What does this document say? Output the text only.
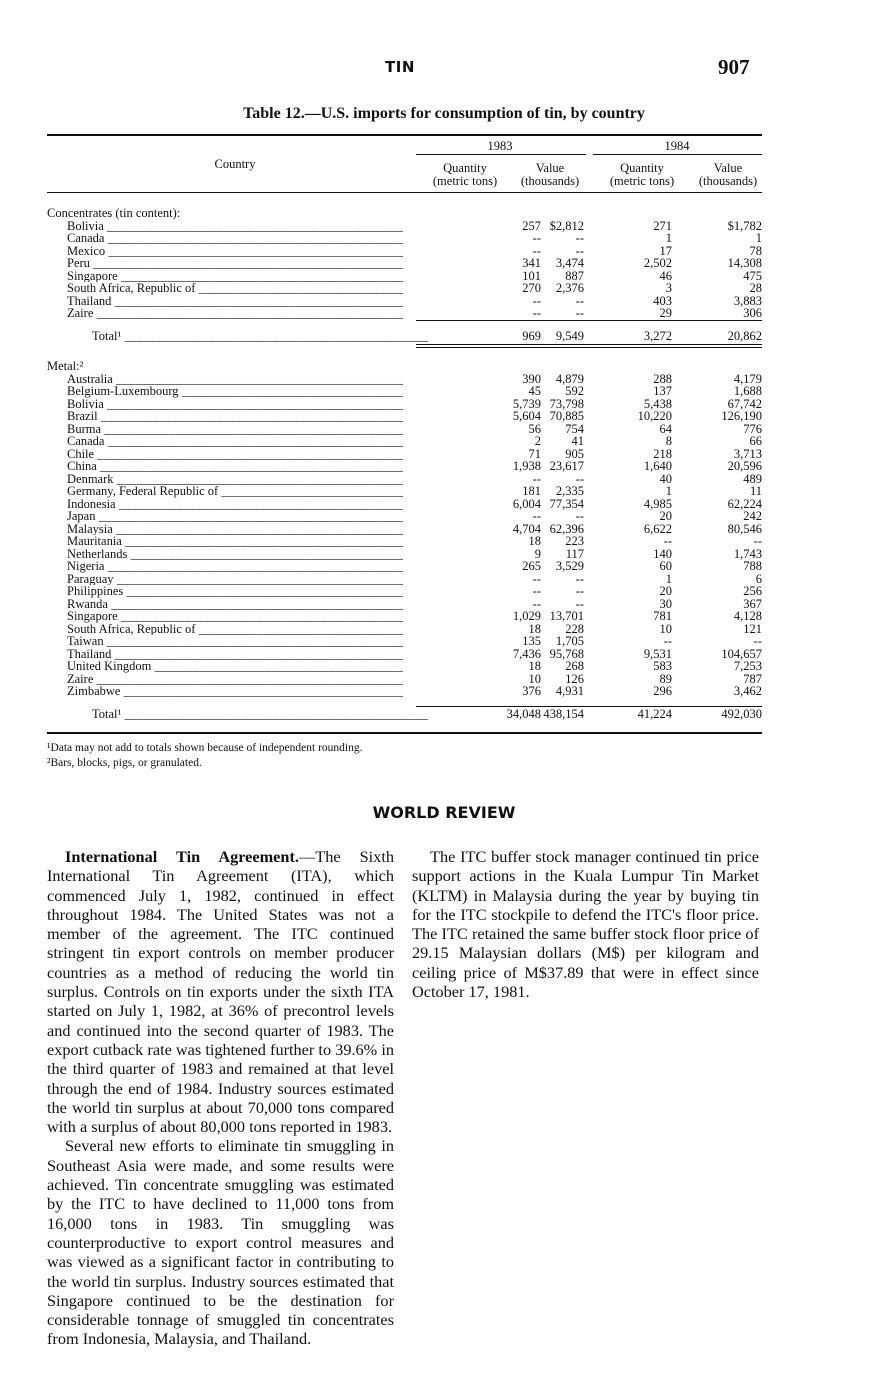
TIN	907
Table 12.—U.S. imports for consumption of tin, by country
Country
1983	1984
Quantity
(metric tons)
Value
(thousands)
Quantity
(metric tons)
Value
(thousands)
Concentrates (tin content):
Bolivia _____	257 $2,812	271	$1,782
Canada _____	--	--	1	1
Mexico _____	--	--	17	78
Peru _____	341 3,474	2,502	14,308
Singapore _____	101 887	46	475
South Africa, Republic of _____	270 2,376	3	28
Thailand _____	--	--	403	3,883
Zaire _____	--	--	29	306
Total¹ _____	969 9,549	3,272	20,862
Metal:²
Australia _____	390 4,879	288	4,179
Belgium-Luxembourg _____	45 592	137	1,688
Bolivia _____	5,739 73,798	5,438	67,742
Brazil _____	5,604 70,885	10,220	126,190
Burma _____	56 754	64	776
Canada _____	2 41	8	66
Chile _____	71 905	218	3,713
China _____	1,938 23,617	1,640	20,596
Denmark _____	--	--	40	489
Germany, Federal Republic of _____	181 2,335	1	11
Indonesia _____	6,004 77,354	4,985	62,224
Japan _____	--	--	20	242
Malaysia _____	4,704 62,396	6,622	80,546
Mauritania _____	18 223	--	--
Netherlands _____	9 117	140	1,743
Nigeria _____	265 3,529	60	788
Paraguay _____	--	--	1	6
Philippines _____	--	--	20	256
Rwanda _____	--	--	30	367
Singapore _____	1,029 13,701	781	4,128
South Africa, Republic of _____	18 228	10	121
Taiwan _____	135 1,705	--	--
Thailand _____	7,436 95,768	9,531	104,657
United Kingdom _____	18 268	583	7,253
Zaire _____	10 126	89	787
Zimbabwe _____	376 4,931	296	3,462
Total¹ _____	34,048 438,154	41,224	492,030
¹Data may not add to totals shown because of independent rounding.
²Bars, blocks, pigs, or granulated.
WORLD REVIEW

International Tin Agreement.—The Sixth International Tin Agreement (ITA), which commenced July 1, 1982, continued in effect throughout 1984. The United States was not a member of the agreement. The ITC continued stringent tin export controls on member producer countries as a method of reducing the world tin surplus. Controls on tin exports under the sixth ITA started on July 1, 1982, at 36% of precontrol levels and continued into the second quarter of 1983. The export cutback rate was tightened further to 39.6% in the third quarter of 1983 and remained at that level through the end of 1984. Industry sources estimated the world tin surplus at about 70,000 tons compared with a surplus of about 80,000 tons reported in 1983.

Several new efforts to eliminate tin smuggling in Southeast Asia were made, and some results were achieved. Tin concentrate smuggling was estimated by the ITC to have declined to 11,000 tons from 16,000 tons in 1983. Tin smuggling was counterproductive to export control measures and was viewed as a significant factor in contributing to the world tin surplus. Industry sources estimated that Singapore continued to be the destination for considerable tonnage of smuggled tin concentrates from Indonesia, Malaysia, and Thailand.

The ITC buffer stock manager continued tin price support actions in the Kuala Lumpur Tin Market (KLTM) in Malaysia during the year by buying tin for the ITC stockpile to defend the ITC's floor price. The ITC retained the same buffer stock floor price of 29.15 Malaysian dollars (M$) per kilogram and ceiling price of M$37.89 that were in effect since October 17, 1981.
